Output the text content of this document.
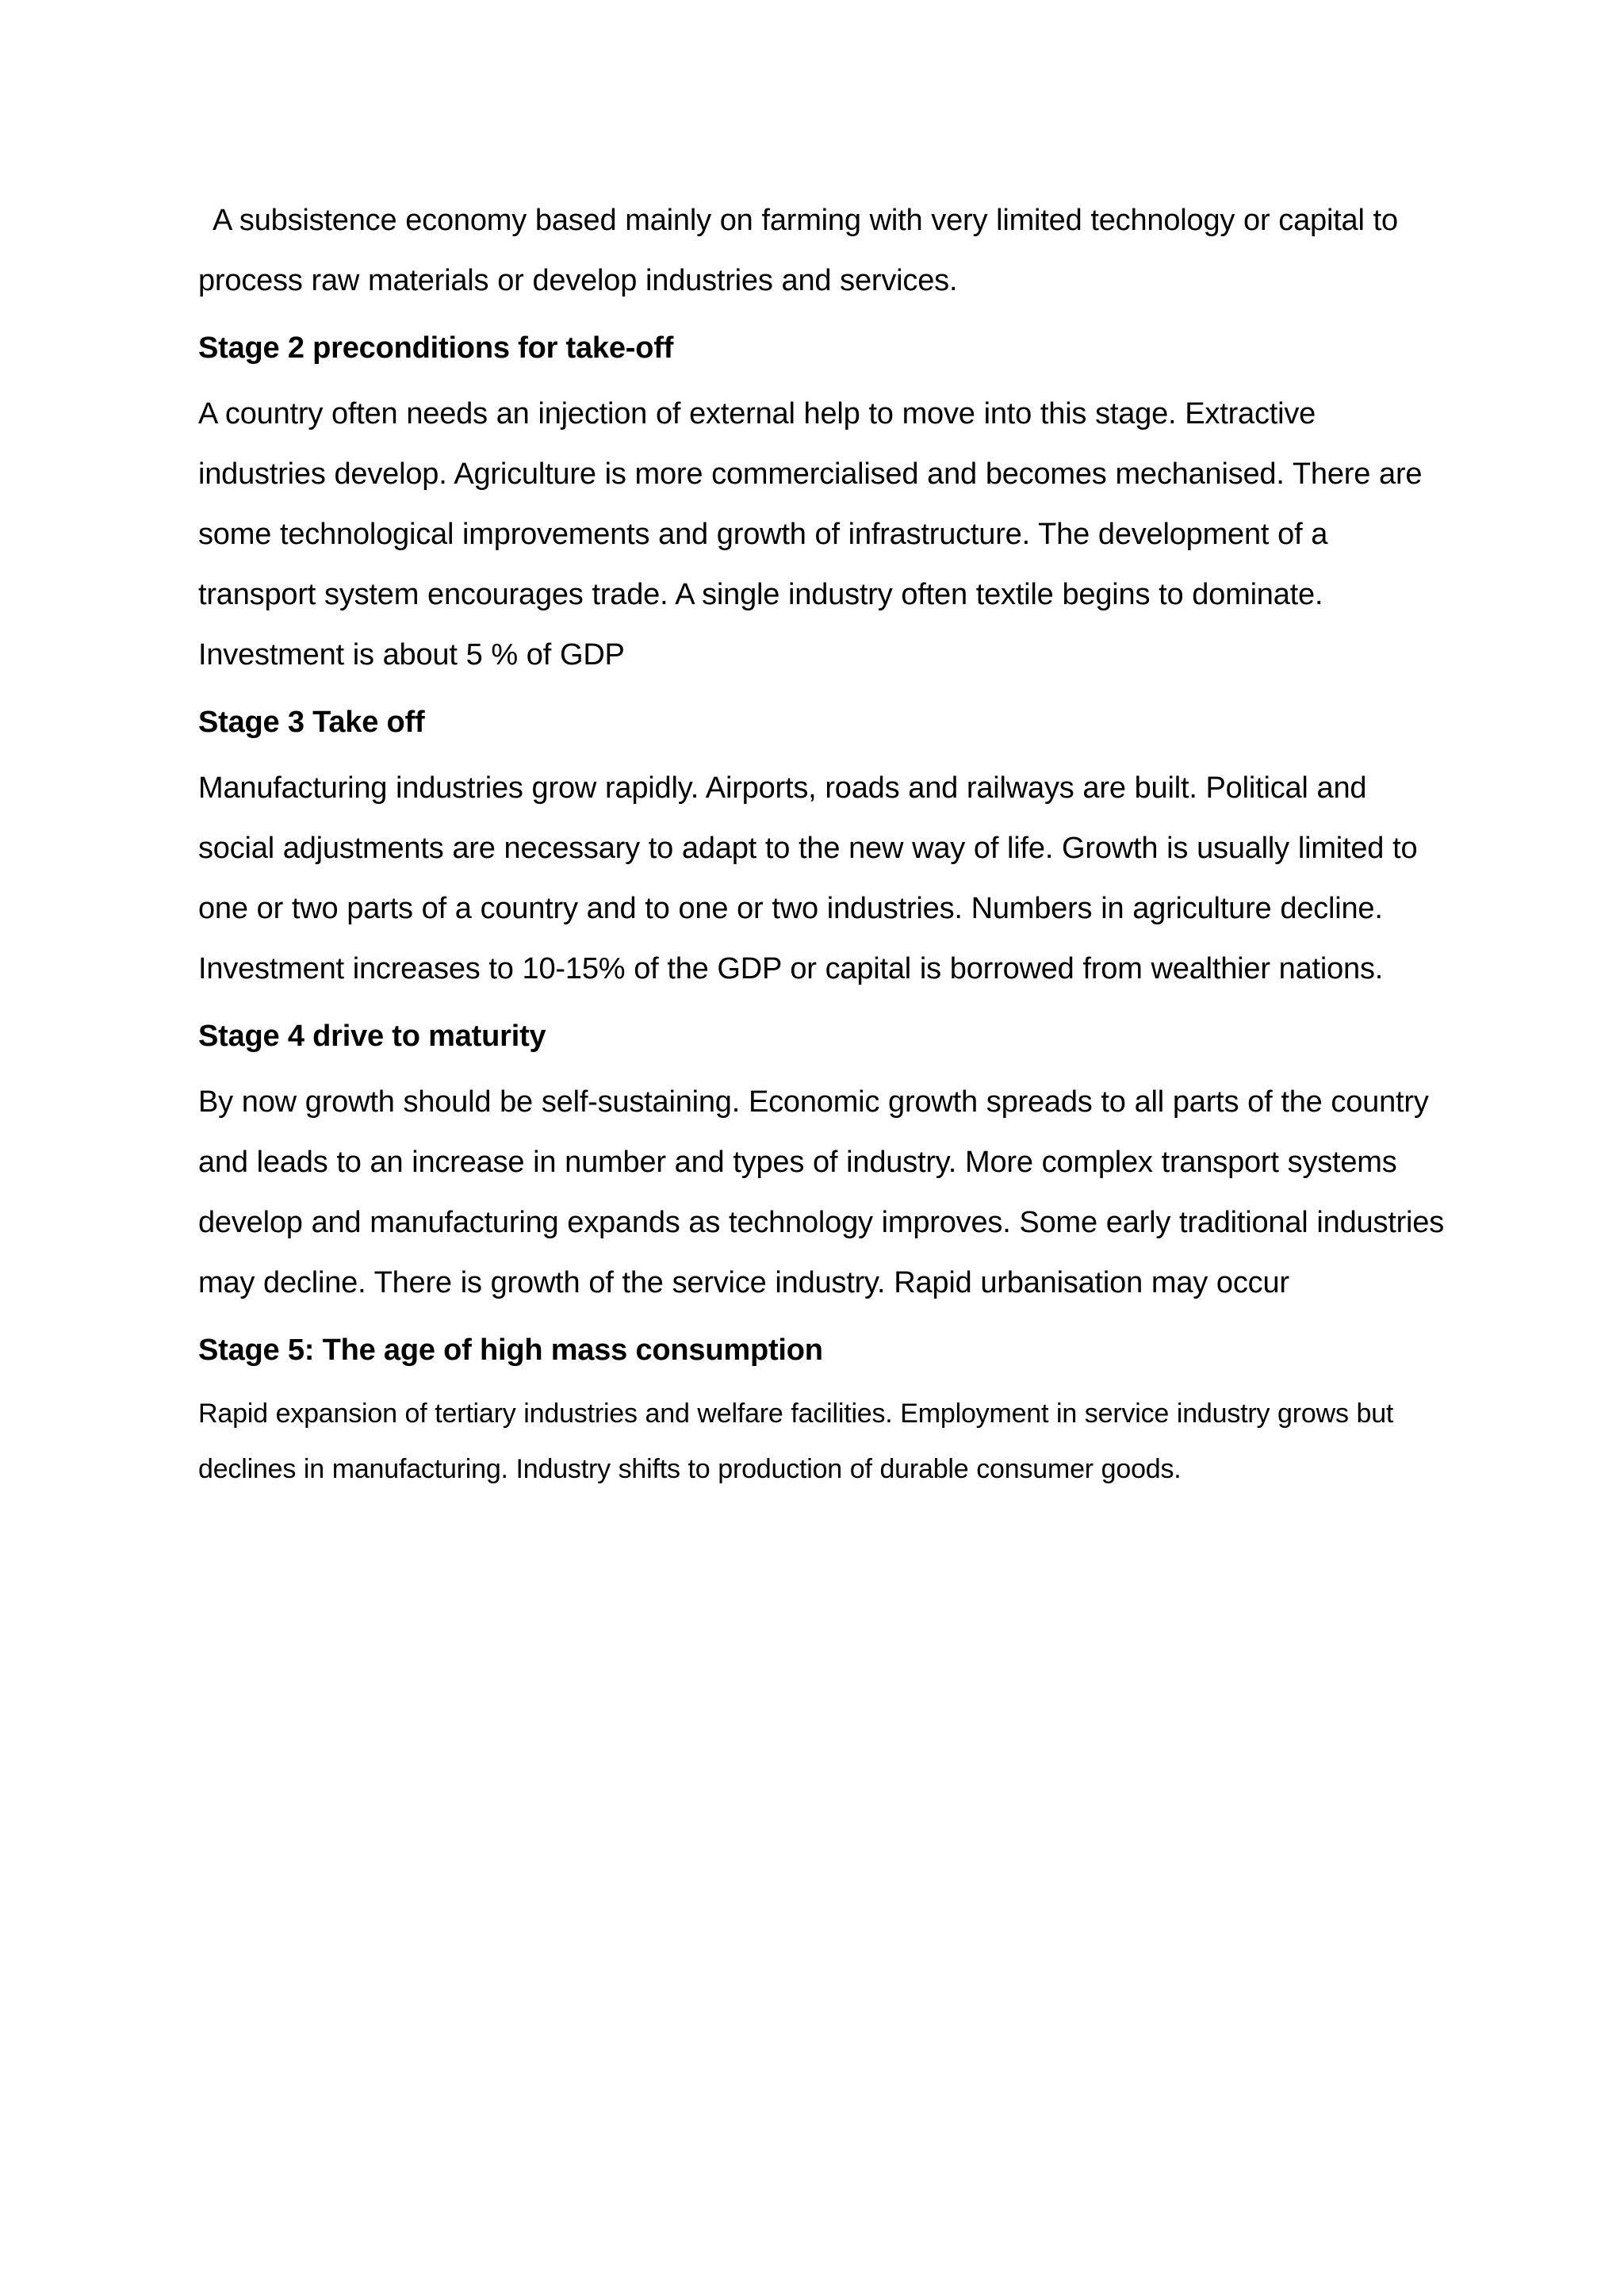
A subsistence economy based mainly on farming with very limited technology or capital to process raw materials or develop industries and services.

Stage 2 preconditions for take-off

A country often needs an injection of external help to move into this stage. Extractive industries develop. Agriculture is more commercialised and becomes mechanised. There are some technological improvements and growth of infrastructure. The development of a transport system encourages trade. A single industry often textile begins to dominate. Investment is about 5 % of GDP

Stage 3 Take off

Manufacturing industries grow rapidly. Airports, roads and railways are built. Political and social adjustments are necessary to adapt to the new way of life. Growth is usually limited to one or two parts of a country and to one or two industries. Numbers in agriculture decline. Investment increases to 10-15% of the GDP or capital is borrowed from wealthier nations.

Stage 4 drive to maturity

By now growth should be self-sustaining. Economic growth spreads to all parts of the country and leads to an increase in number and types of industry. More complex transport systems develop and manufacturing expands as technology improves. Some early traditional industries may decline. There is growth of the service industry. Rapid urbanisation may occur

Stage 5: The age of high mass consumption

Rapid expansion of tertiary industries and welfare facilities. Employment in service industry grows but declines in manufacturing. Industry shifts to production of durable consumer goods.
